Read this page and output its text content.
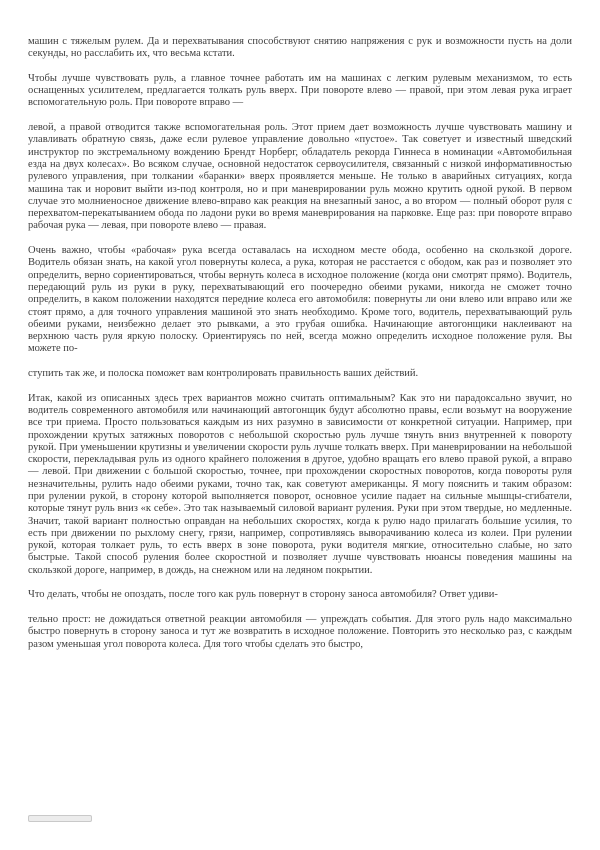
машин с тяжелым рулем. Да и перехватывания способствуют снятию напряжения с рук и возможности пусть на доли секунды, но расслабить их, что весьма кстати.

Чтобы лучше чувствовать руль, а главное точнее работать им на машинах с легким рулевым механизмом, то есть оснащенных усилителем, предлагается толкать руль вверх. При повороте влево — правой, при этом левая рука играет вспомогательную роль. При повороте вправо —

левой, а правой отводится также вспомогательная роль. Этот прием дает возможность лучше чувствовать машину и улавливать обратную связь, даже если рулевое управление довольно «пустое». Так советует и известный шведский инструктор по экстремальному вождению Брендт Норберг, обладатель рекорда Гиннеса в номинации «Автомобильная езда на двух колесах». Во всяком случае, основной недостаток сервоусилителя, связанный с низкой информативностью рулевого управления, при толкании «баранки» вверх проявляется меньше. Не только в аварийных ситуациях, когда машина так и норовит выйти из-под контроля, но и при маневрировании руль можно крутить одной рукой. В первом случае это молниеносное движение влево-вправо как реакция на внезапный занос, а во втором — полный оборот руля с перехватом-перекатыванием обода по ладони руки во время маневрирования на парковке. Еще раз: при повороте вправо рабочая рука — левая, при повороте влево — правая.

Очень важно, чтобы «рабочая» рука всегда оставалась на исходном месте обода, особенно на скользкой дороге. Водитель обязан знать, на какой угол повернуты колеса, а рука, которая не расстается с ободом, как раз и позволяет это определить, верно сориентироваться, чтобы вернуть колеса в исходное положение (когда они смотрят прямо). Водитель, передающий руль из руки в руку, перехватывающий его поочередно обеими руками, никогда не сможет точно определить, в каком положении находятся передние колеса его автомобиля: повернуты ли они влево или вправо или же стоят прямо, а для точного управления машиной это знать необходимо. Кроме того, водитель, перехватывающий руль обеими руками, неизбежно делает это рывками, а это грубая ошибка. Начинающие автогонщики наклеивают на верхнюю часть руля яркую полоску. Ориентируясь по ней, всегда можно определить исходное положение руля. Вы можете по-

ступить так же, и полоска поможет вам контролировать правильность ваших действий.

Итак, какой из описанных здесь трех вариантов можно считать оптимальным? Как это ни парадоксально звучит, но водитель современного автомобиля или начинающий автогонщик будут абсолютно правы, если возьмут на вооружение все три приема. Просто пользоваться каждым из них разумно в зависимости от конкретной ситуации. Например, при прохождении крутых затяжных поворотов с небольшой скоростью руль лучше тянуть вниз внутренней к повороту рукой. При уменьшении крутизны и увеличении скорости руль лучше толкать вверх. При маневрировании на небольшой скорости, перекладывая руль из одного крайнего положения в другое, удобно вращать его влево правой рукой, а вправо — левой. При движении с большой скоростью, точнее, при прохождении скоростных поворотов, когда повороты руля незначительны, рулить надо обеими руками, точно так, как советуют американцы. Я могу пояснить и таким образом: при рулении рукой, в сторону которой выполняется поворот, основное усилие падает на сильные мышцы-сгибатели, которые тянут руль вниз «к себе». Это так называемый силовой вариант руления. Руки при этом твердые, но медленные. Значит, такой вариант полностью оправдан на небольших скоростях, когда к рулю надо прилагать большие усилия, то есть при движении по рыхлому снегу, грязи, например, сопротивляясь выворачиванию колеса из колеи. При рулении рукой, которая толкает руль, то есть вверх в зоне поворота, руки водителя мягкие, относительно слабые, но зато быстрые. Такой способ руления более скоростной и позволяет лучше чувствовать нюансы поведения машины на скользкой дороге, например, в дождь, на снежном или на ледяном покрытии.

Что делать, чтобы не опоздать, после того как руль повернут в сторону заноса автомобиля? Ответ удиви-

тельно прост: не дожидаться ответной реакции автомобиля — упреждать события. Для этого руль надо максимально быстро повернуть в сторону заноса и тут же возвратить в исходное положение. Повторить это несколько раз, с каждым разом уменьшая угол поворота колеса. Для того чтобы сделать это быстро,
